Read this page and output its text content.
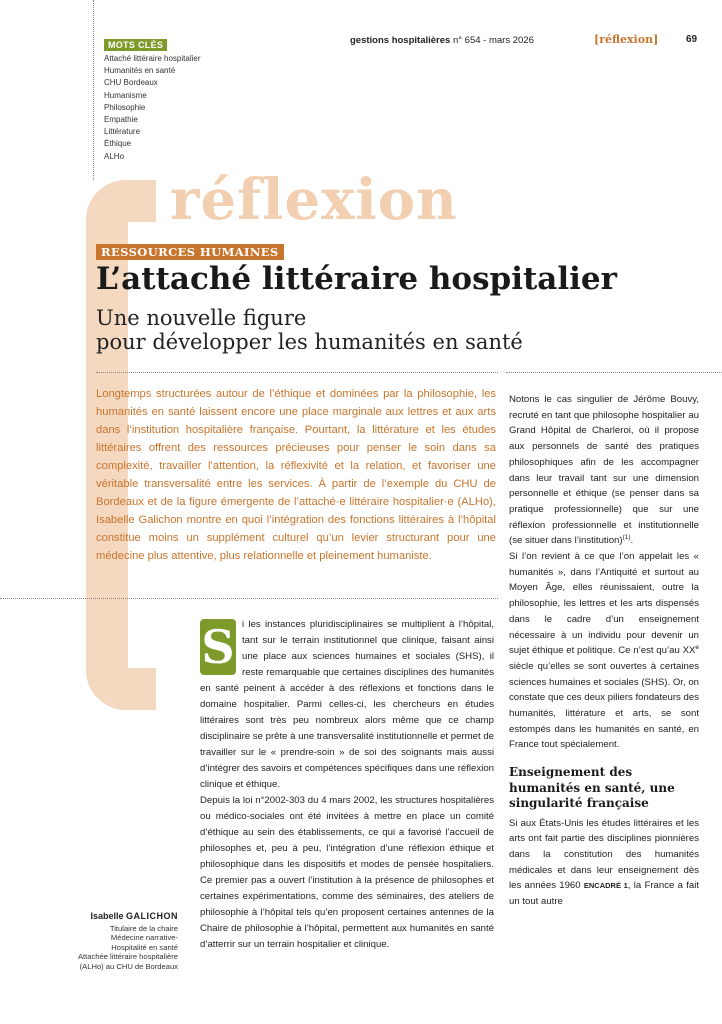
MOTS CLÉS
Attaché littéraire hospitalier
Humanités en santé
CHU Bordeaux
Humanisme
Philosophie
Empathie
Littérature
Éthique
ALHo
gestions hospitalières n° 654 - mars 2026	[réflexion]	69
réflexion
RESSOURCES HUMAINES
L’attaché littéraire hospitalier

Une nouvelle figure
pour développer les humanités en santé

Longtemps structurées autour de l’éthique et dominées par la philosophie, les humanités en santé laissent encore une place marginale aux lettres et aux arts dans l’institution hospitalière française. Pourtant, la littérature et les études littéraires offrent des ressources précieuses pour penser le soin dans sa complexité, travailler l’attention, la réflexivité et la relation, et favoriser une véritable transversalité entre les services. À partir de l’exemple du CHU de Bordeaux et de la figure émergente de l’attaché·e littéraire hospitalier·e (ALHo), Isabelle Galichon montre en quoi l’intégration des fonctions littéraires à l’hôpital constitue moins un supplément culturel qu’un levier structurant pour une médecine plus attentive, plus relationnelle et pleinement humaniste.

S i les instances pluridisciplinaires se multiplient à l’hôpital, tant sur le terrain institutionnel que clinique, faisant ainsi une place aux sciences humaines et sociales (SHS), il reste remarquable que certaines disciplines des humanités en santé peinent à accéder à des réflexions et fonctions dans le domaine hospitalier. Parmi celles-ci, les chercheurs en études littéraires sont très peu nombreux alors même que ce champ disciplinaire se prête à une transversalité institutionnelle et permet de travailler sur le « prendre-soin » de soi des soignants mais aussi d’intégrer des savoirs et compétences spécifiques dans une réflexion clinique et éthique.

Depuis la loi n°2002-303 du 4 mars 2002, les structures hospitalières ou médico-sociales ont été invitées à mettre en place un comité d’éthique au sein des établissements, ce qui a favorisé l’accueil de philosophes et, peu à peu, l’intégration d’une réflexion éthique et philosophique dans les dispositifs et modes de pensée hospitaliers. Ce premier pas a ouvert l’institution à la présence de philosophes et certaines expérimentations, comme des séminaires, des ateliers de philosophie à l’hôpital tels qu’en proposent certaines antennes de la Chaire de philosophie à l’hôpital, permettent aux humanités en santé d’atterrir sur un terrain hospitalier et clinique.

Notons le cas singulier de Jérôme Bouvy, recruté en tant que philosophe hospitalier au Grand Hôpital de Charleroi, où il propose aux personnels de santé des pratiques philosophiques afin de les accompagner dans leur travail tant sur une dimension personnelle et éthique (se penser dans sa pratique professionnelle) que sur une réflexion professionnelle et institutionnelle (se situer dans l’institution)$^{(1)}$.

Si l’on revient à ce que l’on appelait les « humanités », dans l’Antiquité et surtout au Moyen Âge, elles réunissaient, outre la philosophie, les lettres et les arts dispensés dans le cadre d’un enseignement nécessaire à un individu pour devenir un sujet éthique et politique. Ce n’est qu’au XXe siècle qu’elles se sont ouvertes à certaines sciences humaines et sociales (SHS). Or, on constate que ces deux piliers fondateurs des humanités, littérature et arts, se sont estompés dans les humanités en santé, en France tout spécialement.

Enseignement des humanités en santé, une singularité française

Si aux États-Unis les études littéraires et les arts ont fait partie des disciplines pionnières dans la constitution des humanités médicales et dans leur enseignement dès les années 1960 ENCADRÉ 1, la France a fait un tout autre

Isabelle GALICHON
Titulaire de la chaire
Médecine narrative-
Hospitalité en santé
Attachée littéraire hospitalière
(ALHo) au CHU de Bordeaux
